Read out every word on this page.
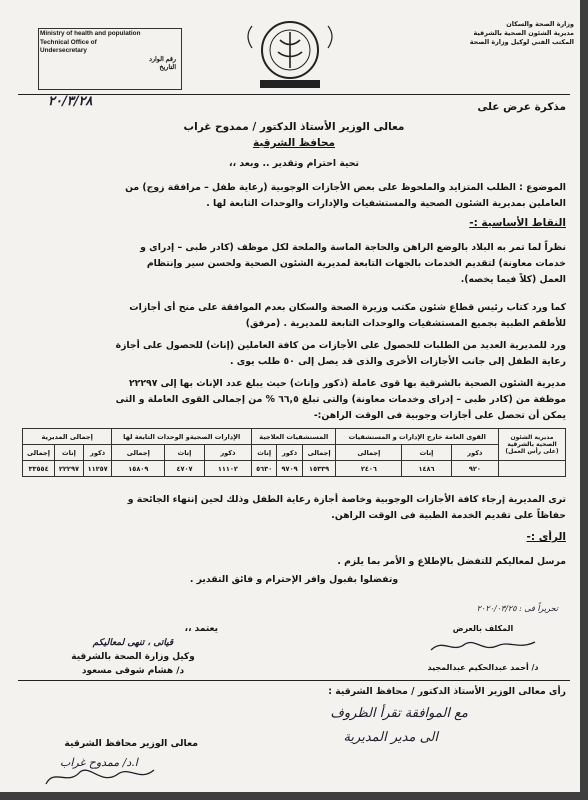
وزارة الصحة والسكان
مديرية الشئون الصحية بالشرقية
المكتب الفني لوكيل وزارة الصحة
Ministry of health and population
Technical Office of
Undersecretary
رقم الوارد
التاريخ
٢٠/٣/٢٨	مذكرة عرض على
معالى الوزير الأستاذ الدكتور / ممدوح غراب
محافظ الشرقية
تحية احترام وتقدير .. وبعد ،،
الموضوع : الطلب المتزايد والملحوظ على بعض الأجازات الوجوبية (رعاية طفل – مرافقة زوج) من
العاملين بمديرية الشئون الصحية والمستشفيات والإدارات والوحدات التابعة لها .
النقاط الأساسية :-
نظراً لما تمر به البلاد بالوضع الراهن والحاجة الماسة والملحة لكل موظف (كادر طبى – إدراى و
خدمات معاونة) لتقديم الخدمات بالجهات التابعة لمديرية الشئون الصحية ولحسن سير وإنتظام
العمل (كلاً فيما يخصه).
كما ورد كتاب رئيس قطاع شئون مكتب وزيرة الصحة والسكان بعدم الموافقة على منح أى أجازات
للأطقم الطبية بجميع المستشفيات والوحدات التابعة للمديرية . (مرفق)
ورد للمديرية العديد من الطلبات للحصول على الأجازات من كافة العاملين (إناث) للحصول على أجازة
رعاية الطفل إلى جانب الأجازات الأخرى والذى قد يصل إلى ٥٠ طلب يوى .
مديرية الشئون الصحية بالشرقية بها قوى عاملة (ذكور وإناث) حيث يبلغ عدد الإناث بها إلى ٢٢٢٩٧
موظفة من (كادر طبى – إدراى وخدمات معاونة) والتى تبلغ ٦٦,٥ % من إجمالى القوى العاملة و التى
يمكن أن تحصل على أجازات وجوبية فى الوقت الراهن:-
مديرية الشئون الصحية بالشرقية (على رأس العمل)	القوى العامة خارج الإدارات و المستشفيات			المستشفيات العلاجية			الإدارات الصحيةو الوحدات التابعة لها			إجمالى المديرية		
	ذكور	إناث	إجمالى	إجمالى	ذكور	إناث	ذكور	إناث	إجمالى	ذكور	إناث	إجمالى
	٩٢٠	١٤٨٦	٢٤٠٦	١٥٣٣٩	٩٧٠٩	٥٦٣٠	١١١٠٢	٤٧٠٧	١٥٨٠٩	١١٢٥٧	٢٢٢٩٧	٣٣٥٥٤
ترى المديرية إرجاء كافة الأجازات الوجوبية وخاصة أجازة رعاية الطفل وذلك لحين إنتهاء الجائحة و
حفاظاً على تقديم الخدمة الطبية فى الوقت الراهن.
الرأى :-
مرسل لمعاليكم للتفضل بالإطلاع و الأمر بما يلزم .
وتفضلوا بقبول وافر الإحترام و فائق التقدير .
تحريراً فى : ٢٠٢٠/٠٣/٢٥
يعتمد ،،
قياتى ، تنهى لمعاليكم
وكيل وزارة الصحة بالشرقية
د/ هشام شوقى مسعود
المكلف بالعرض
د/ أحمد عبدالحكيم عبدالمجيد
رأى معالى الوزير الأستاذ الدكتور / محافظ الشرقية :
مع الموافقة تقرأ الظروف
الى مدير المديرية
معالى الوزير محافظ الشرقية
ا.د/ ممدوح غراب
